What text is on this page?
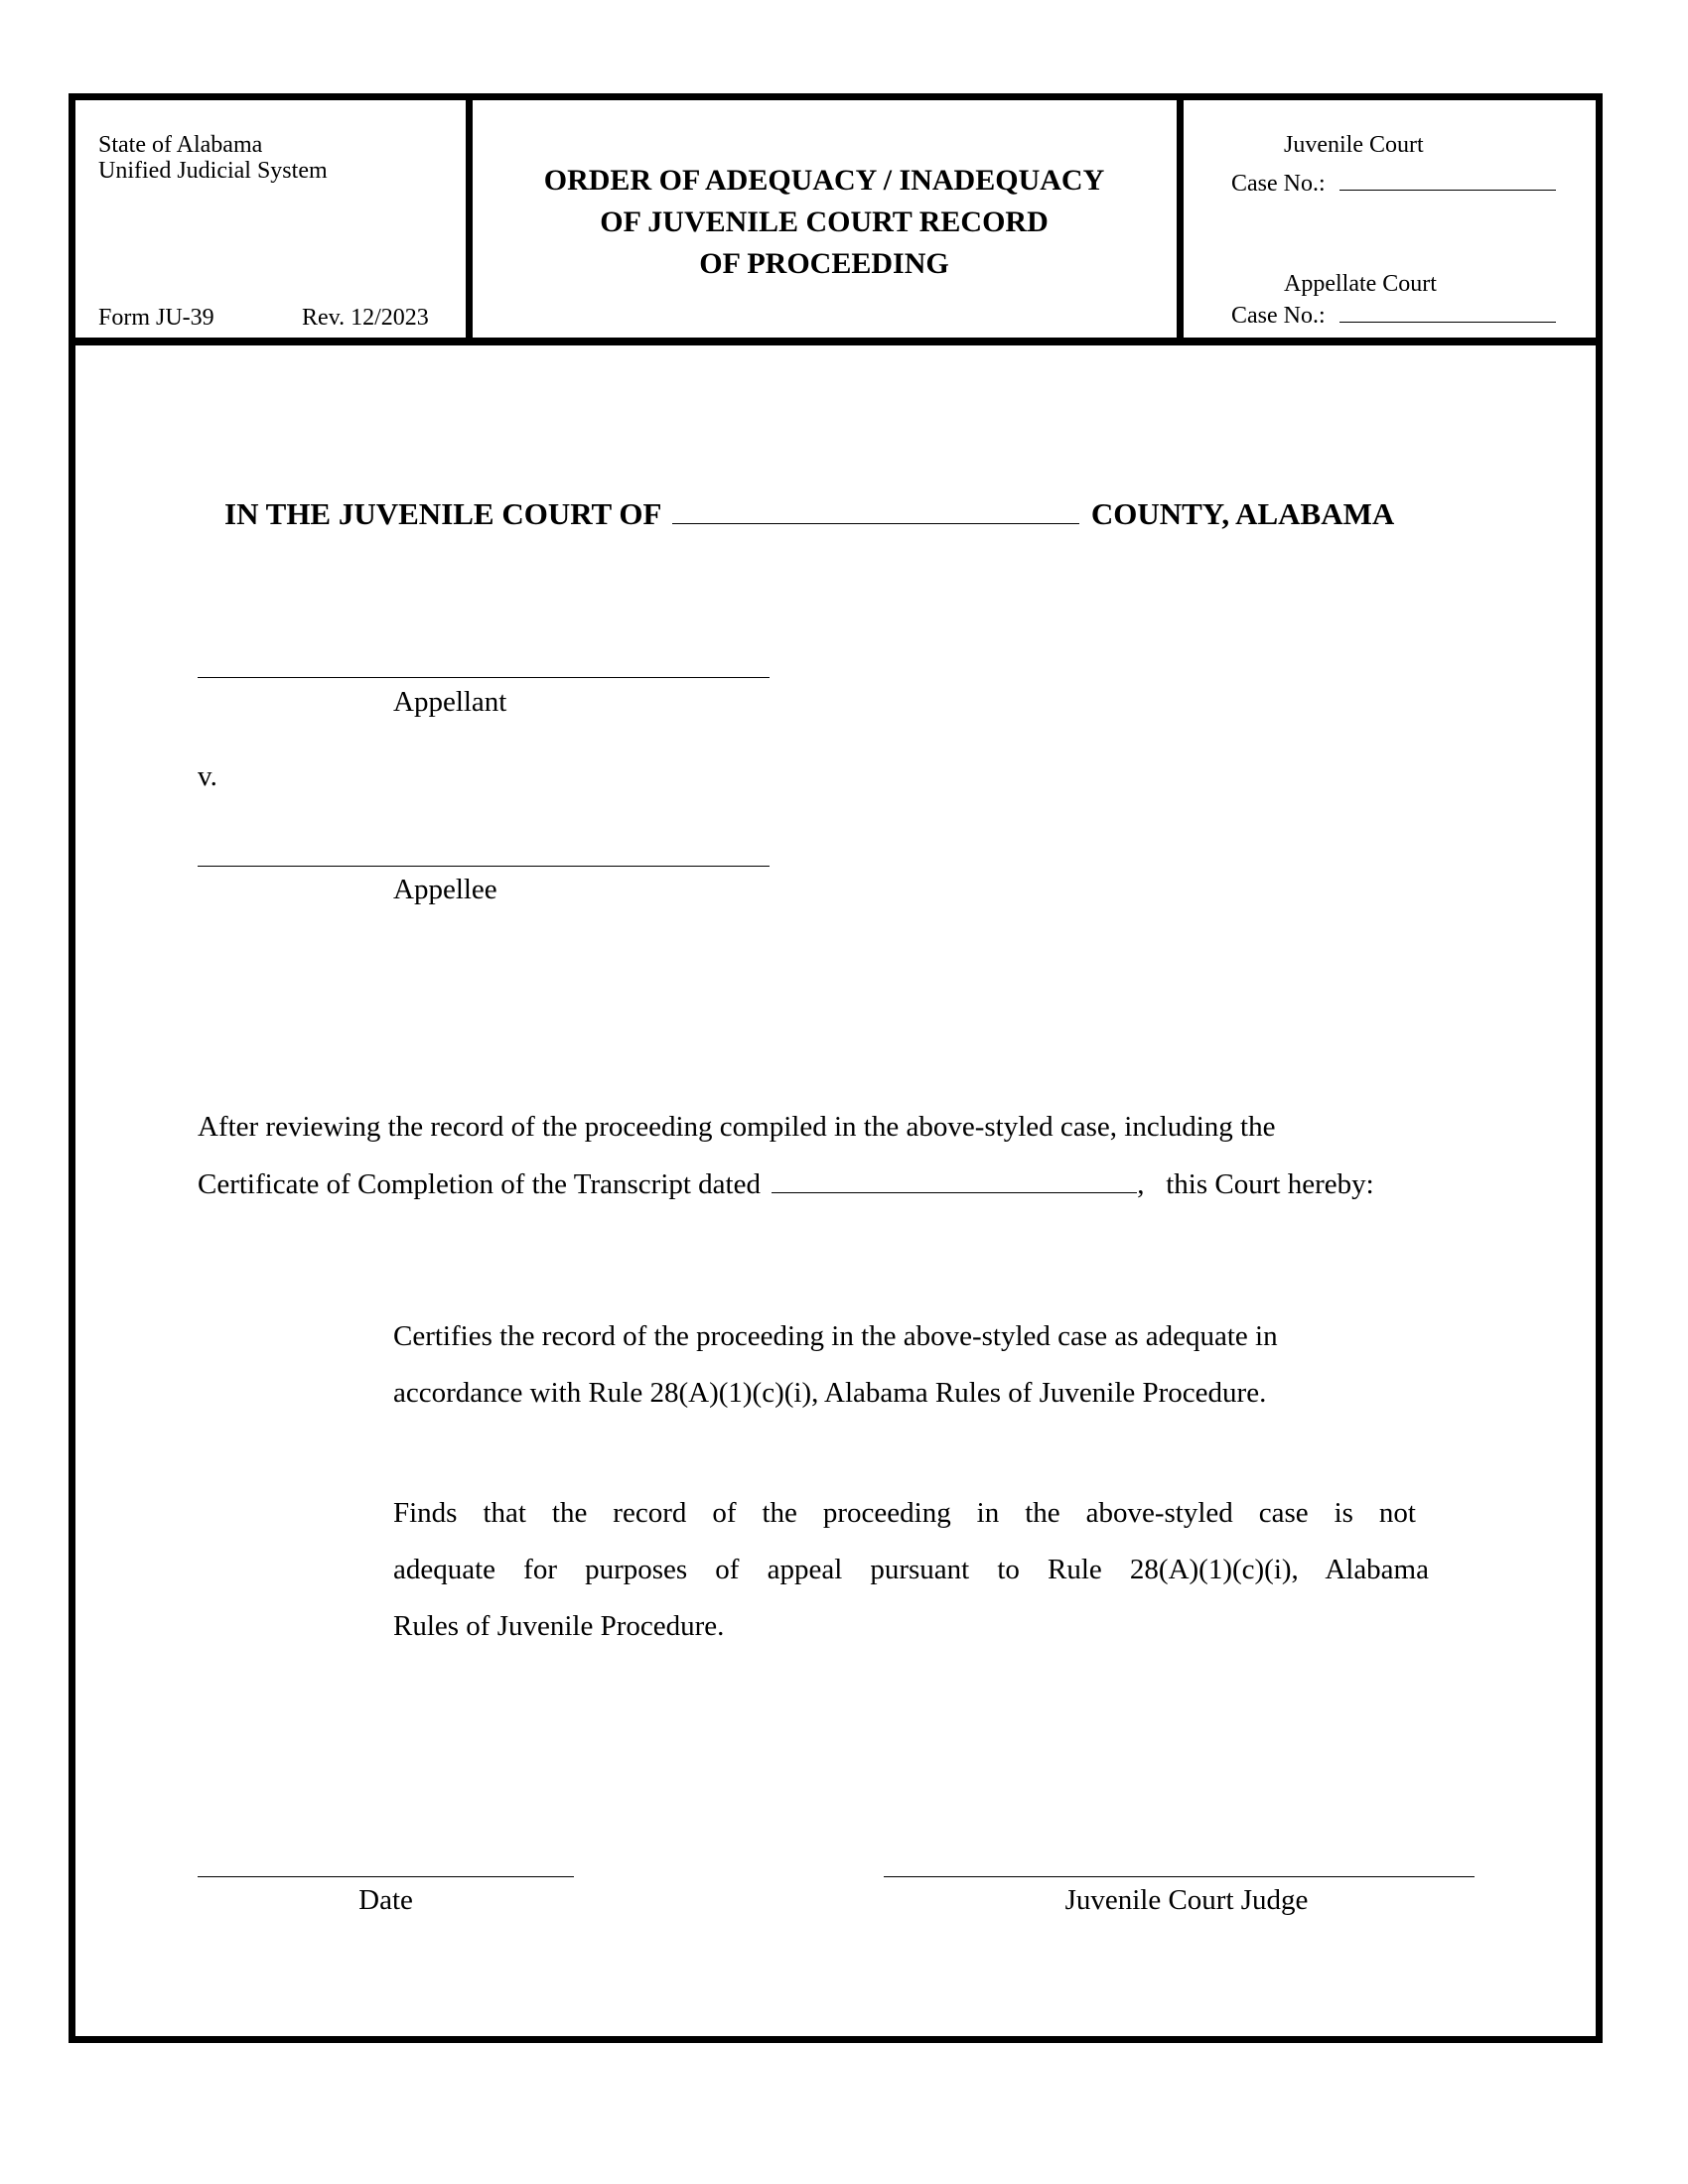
State of Alabama
Unified Judicial System
Form JU-39	Rev. 12/2023
ORDER OF ADEQUACY / INADEQUACY
OF JUVENILE COURT RECORD
OF PROCEEDING
Juvenile Court
Case No.:
Appellate Court
Case No.:
IN THE JUVENILE COURT OF	COUNTY, ALABAMA
Appellant
v.
Appellee
After reviewing the record of the proceeding compiled in the above-styled case, including the
Certificate of Completion of the Transcript dated	,   this Court hereby:
Certifies the record of the proceeding in the above-styled case as adequate in
accordance with Rule 28(A)(1)(c)(i), Alabama Rules of Juvenile Procedure.
Finds that the record of the proceeding in the above-styled case is not
adequate for purposes of appeal pursuant to Rule 28(A)(1)(c)(i), Alabama
Rules of Juvenile Procedure.
Date	Juvenile Court Judge
